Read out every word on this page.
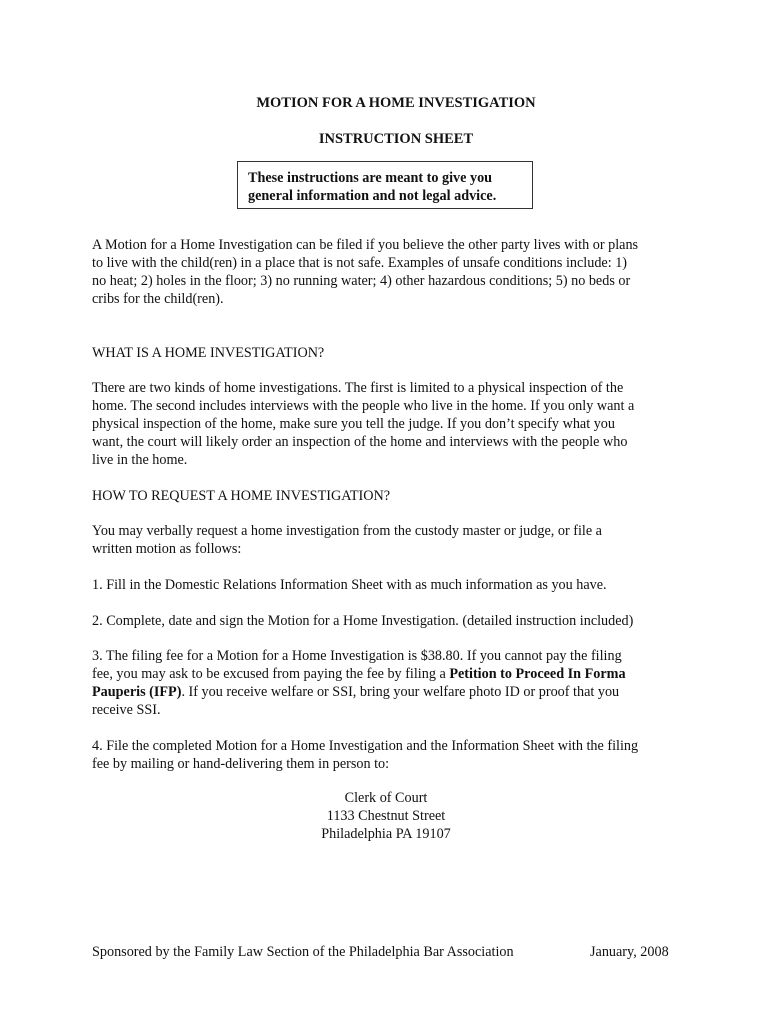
MOTION FOR A HOME INVESTIGATION
INSTRUCTION SHEET
These instructions are meant to give you
general information and not legal advice.
A Motion for a Home Investigation can be filed if you believe the other party lives with or plans
to live with the child(ren) in a place that is not safe. Examples of unsafe conditions include: 1)
no heat; 2) holes in the floor; 3) no running water; 4) other hazardous conditions; 5) no beds or
cribs for the child(ren).
WHAT IS A HOME INVESTIGATION?
There are two kinds of home investigations. The first is limited to a physical inspection of the
home. The second includes interviews with the people who live in the home. If you only want a
physical inspection of the home, make sure you tell the judge. If you don’t specify what you
want, the court will likely order an inspection of the home and interviews with the people who
live in the home.
HOW TO REQUEST A HOME INVESTIGATION?
You may verbally request a home investigation from the custody master or judge, or file a
written motion as follows:
1. Fill in the Domestic Relations Information Sheet with as much information as you have.
2. Complete, date and sign the Motion for a Home Investigation. (detailed instruction included)
3. The filing fee for a Motion for a Home Investigation is $38.80. If you cannot pay the filing
fee, you may ask to be excused from paying the fee by filing a Petition to Proceed In Forma
Pauperis (IFP). If you receive welfare or SSI, bring your welfare photo ID or proof that you
receive SSI.
4. File the completed Motion for a Home Investigation and the Information Sheet with the filing
fee by mailing or hand-delivering them in person to:
Clerk of Court
1133 Chestnut Street
Philadelphia PA 19107
Sponsored by the Family Law Section of the Philadelphia Bar Association	January, 2008
